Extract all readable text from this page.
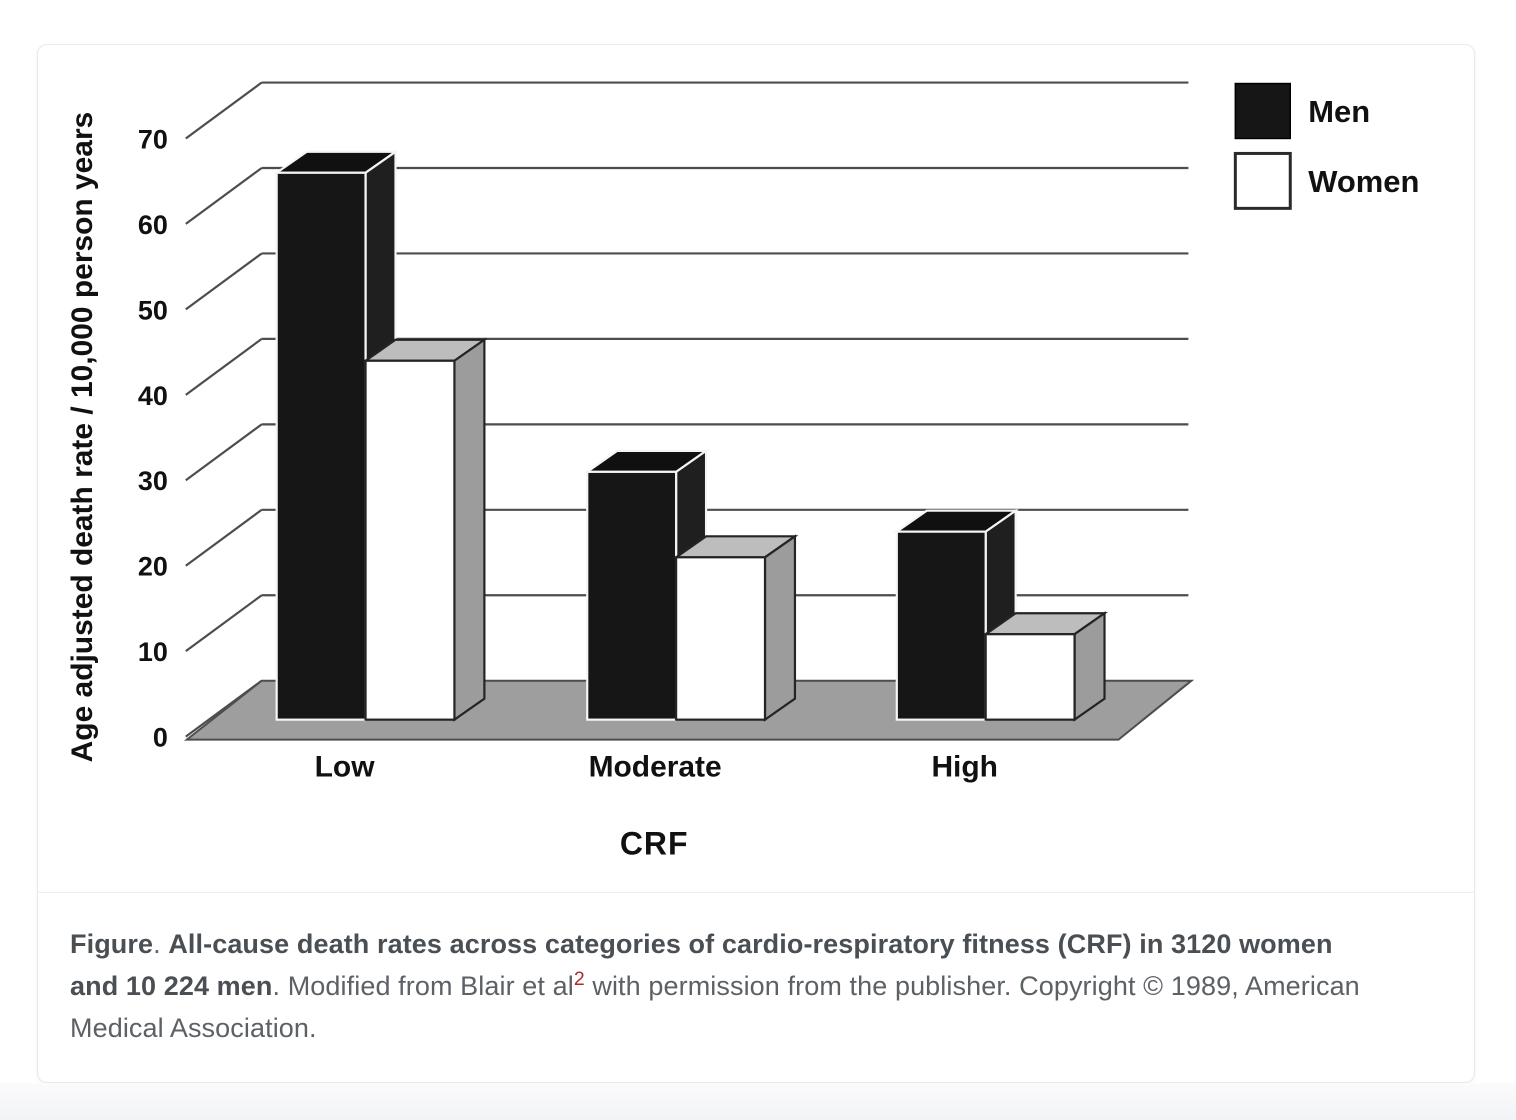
0
10
20
30
40
50
60
70
Age adjusted death rate / 10,000 person years
Low	Moderate	High
CRF
Men
Women

Figure. All-cause death rates across categories of cardio-respiratory fitness (CRF) in 3120 women and 10 224 men. Modified from Blair et $al^2$ with permission from the publisher. Copyright © 1989, American Medical Association.
